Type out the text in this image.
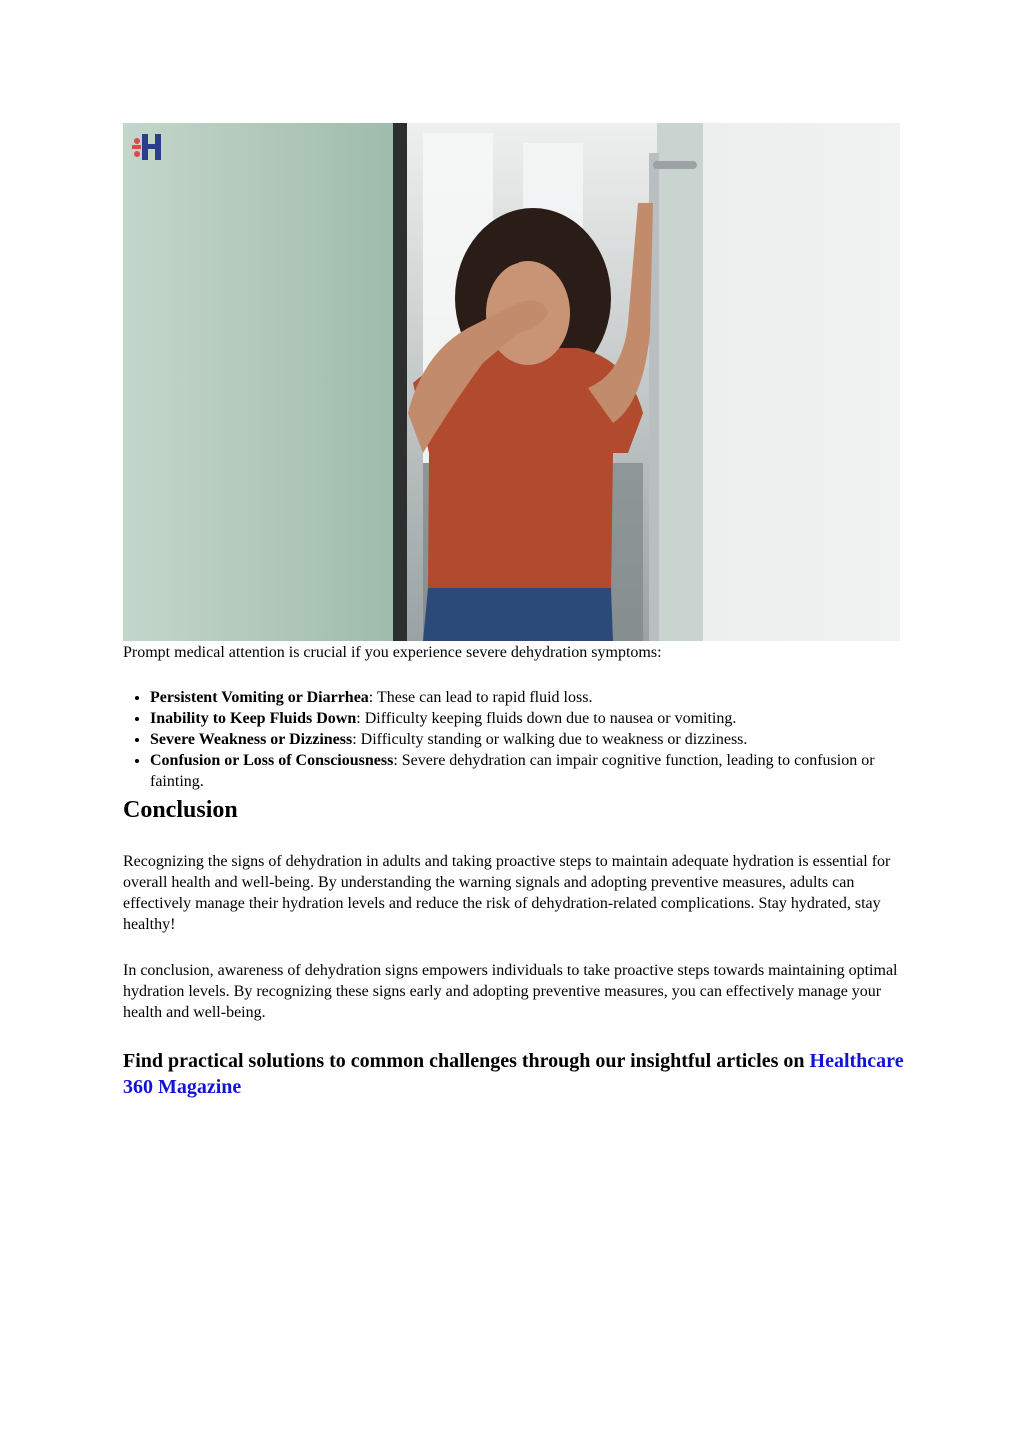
Prompt medical attention is crucial if you experience severe dehydration symptoms:

• Persistent Vomiting or Diarrhea: These can lead to rapid fluid loss.
• Inability to Keep Fluids Down: Difficulty keeping fluids down due to nausea or vomiting.
• Severe Weakness or Dizziness: Difficulty standing or walking due to weakness or dizziness.
• Confusion or Loss of Consciousness: Severe dehydration can impair cognitive function, leading to confusion or fainting.
Conclusion

Recognizing the signs of dehydration in adults and taking proactive steps to maintain adequate hydration is essential for overall health and well-being. By understanding the warning signals and adopting preventive measures, adults can effectively manage their hydration levels and reduce the risk of dehydration-related complications. Stay hydrated, stay healthy!

In conclusion, awareness of dehydration signs empowers individuals to take proactive steps towards maintaining optimal hydration levels. By recognizing these signs early and adopting preventive measures, you can effectively manage your health and well-being.

Find practical solutions to common challenges through our insightful articles on Healthcare 360 Magazine
